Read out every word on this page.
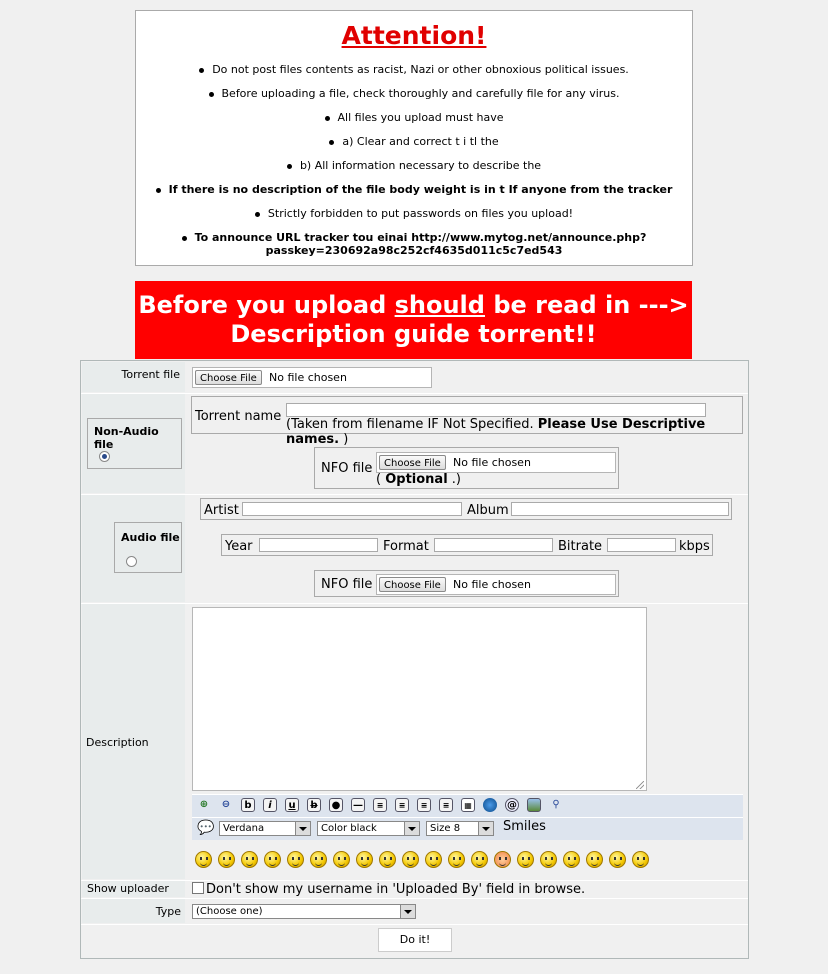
Attention!
Do not post files contents as racist, Nazi or other obnoxious political issues.
Before uploading a file, check thoroughly and carefully file for any virus.
All files you upload must have
a) Clear and correct t i tl the
b) All information necessary to describe the
If there is no description of the file body weight is in t If anyone from the tracker
Strictly forbidden to put passwords on files you upload!
To announce URL tracker tou einai http://www.mytog.net/announce.php?
passkey=230692a98c252cf4635d011c5c7ed543
Before you upload should be read in --->
Description guide torrent!!
Torrent file	Choose File	No file chosen
Non-Audio file
Torrent name
(Taken from filename IF Not Specified. Please Use Descriptive names. )
NFO file	Choose File	No file chosen
( Optional .)
Audio file
Artist	Album
Year	Format	Bitrate	kbps
NFO file	Choose File	No file chosen
Description
⊕ ⊖	b	i	u	b	● —	≡	≡	≡	≡	▦	@	⚲
💬 Verdana	Color black	Size 8	Smiles
Show uploader	Don't show my username in 'Uploaded By' field in browse.
Type	(Choose one)
Do it!
